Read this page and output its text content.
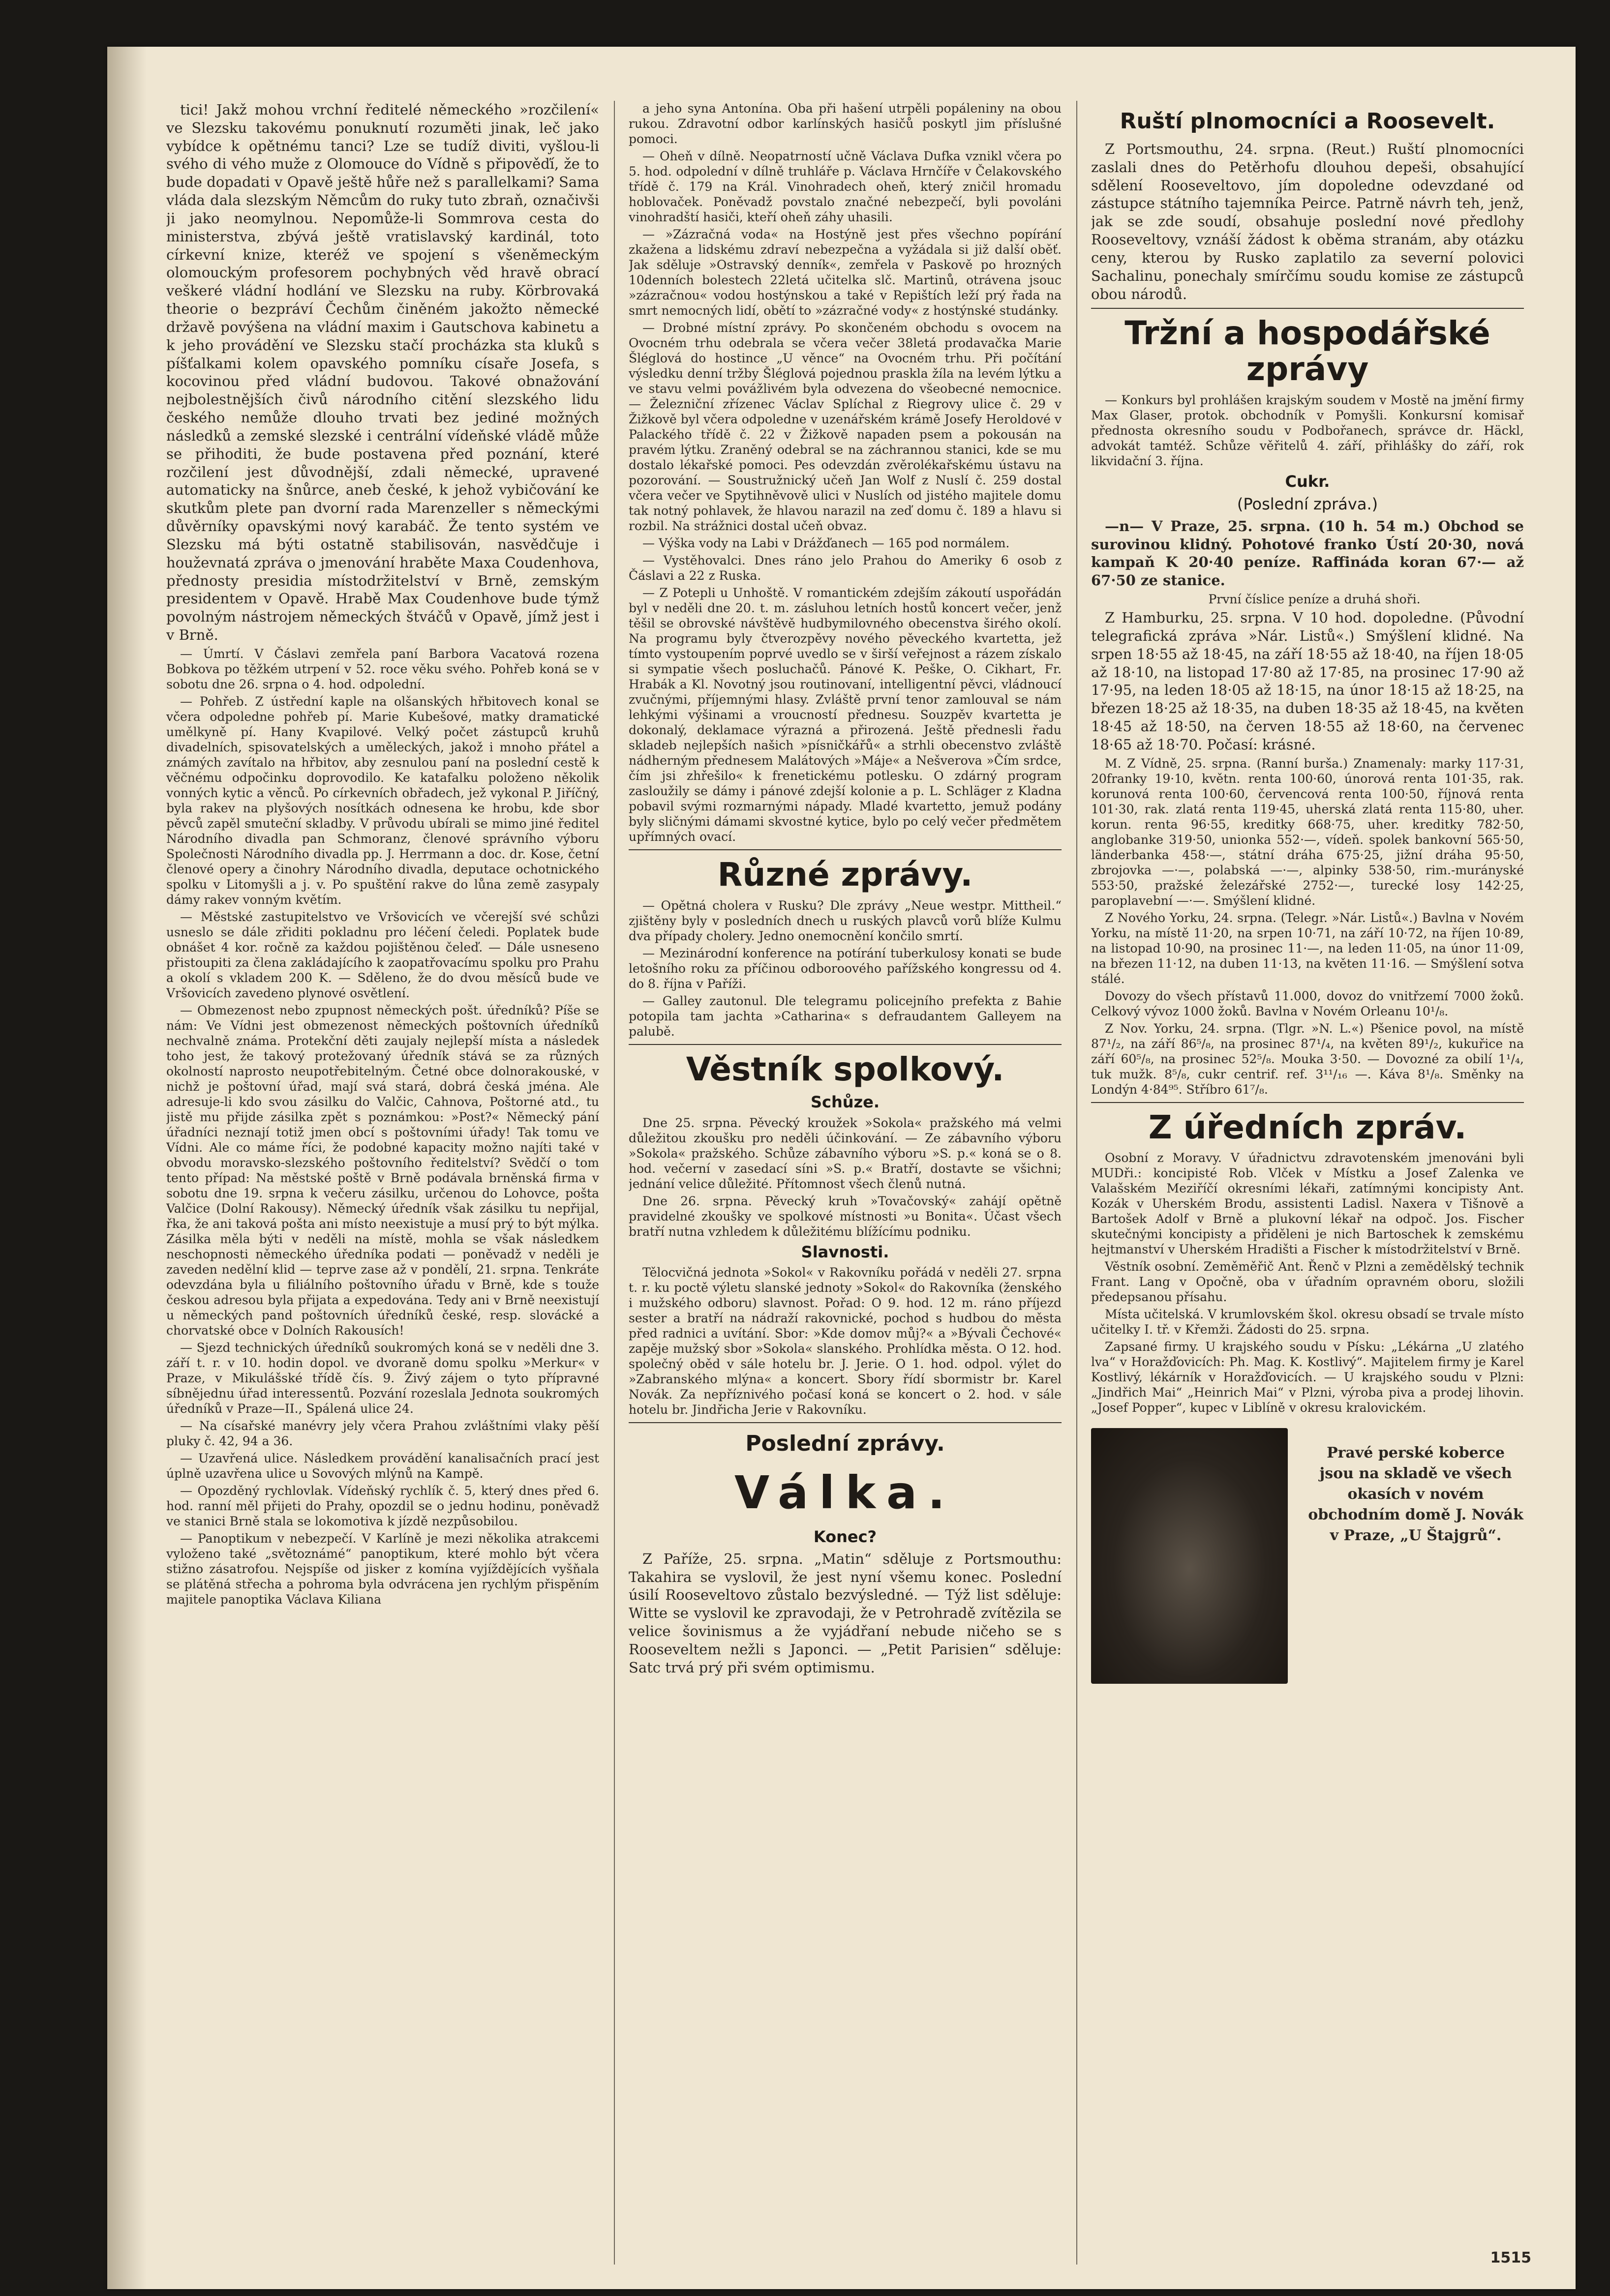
tici! Jakž mohou vrchní ředitelé německého »rozčilení« ve Slezsku takovému ponuknutí rozuměti jinak, leč jako vybídce k opětnému tanci? Lze se tudíž diviti, vyšlou-li svého di vého muže z Olomouce do Vídně s připověďí, že to bude dopadati v Opavě ještě hůře než s parallelkami? Sama vláda dala slezským Němcům do ruky tuto zbraň, označivši ji jako neomylnou. Nepomůže-li Sommrova cesta do ministerstva, zbývá ještě vratislavský kardinál, toto církevní knize, kteréž ve spojení s všeněmeckým olomouckým profesorem pochybných věd hravě obrací veškeré vládní hodlání ve Slezsku na ruby. Körbrovaká theorie o bezpráví Čechům činěném jakožto německé državě povýšena na vládní maxim i Gautschova kabinetu a k jeho provádění ve Slezsku stačí procházka sta kluků s píšťalkami kolem opavského pomníku císaře Josefa, s kocovinou před vládní budovou. Takové obnažování nejbolestnějších čivů národního citění slezského lidu českého nemůže dlouho trvati bez jediné možných následků a zemské slezské i centrální vídeňské vládě může se přihoditi, že bude postavena před poznání, které rozčilení jest důvodnější, zdali německé, upravené automaticky na šnůrce, aneb české, k jehož vybičování ke skutkům plete pan dvorní rada Marenzeller s německými důvěrníky opavskými nový karabáč. Že tento systém ve Slezsku má býti ostatně stabilisován, nasvědčuje i houževnatá zpráva o jmenování hraběte Maxa Coudenhova, přednosty presidia místodržitelství v Brně, zemským presidentem v Opavě. Hrabě Max Coudenhove bude týmž povolným nástrojem německých štváčů v Opavě, jímž jest i v Brně.

— Úmrtí. V Čáslavi zemřela paní Barbora Vacatová rozena Bobkova po těžkém utrpení v 52. roce věku svého. Pohřeb koná se v sobotu dne 26. srpna o 4. hod. odpolední.

— Pohřeb. Z ústřední kaple na olšanských hřbitovech konal se včera odpoledne pohřeb pí. Marie Kubešové, matky dramatické umělkyně pí. Hany Kvapilové. Velký počet zástupců kruhů divadelních, spisovatelských a uměleckých, jakož i mnoho přátel a známých zavítalo na hřbitov, aby zesnulou paní na poslední cestě k věčnému odpočinku doprovodilo. Ke katafalku položeno několik vonných kytic a věnců. Po církevních obřadech, jež vykonal P. Jiříčný, byla rakev na plyšových nosítkách odnesena ke hrobu, kde sbor pěvců zapěl smuteční skladby. V průvodu ubírali se mimo jiné ředitel Národního divadla pan Schmoranz, členové správního výboru Společnosti Národního divadla pp. J. Herrmann a doc. dr. Kose, četní členové opery a činohry Národního divadla, deputace ochotnického spolku v Litomyšli a j. v. Po spuštění rakve do lůna země zasypaly dámy rakev vonným květím.

— Městské zastupitelstvo ve Vršovicích ve včerejší své schůzi usneslo se dále zřiditi pokladnu pro léčení čeledi. Poplatek bude obnášet 4 kor. ročně za každou pojištěnou čeleď. — Dále usneseno přistoupiti za člena zakládajícího k zaopatřovacímu spolku pro Prahu a okolí s vkladem 200 K. — Sděleno, že do dvou měsíců bude ve Vršovicích zavedeno plynové osvětlení.

— Obmezenost nebo zpupnost německých pošt. úředníků? Píše se nám: Ve Vídni jest obmezenost německých poštovních úředníků nechvalně známa. Protekční děti zaujaly nejlepší místa a následek toho jest, že takový protežovaný úředník stává se za různých okolností naprosto neupotřebitelným. Četné obce dolnorakouské, v nichž je poštovní úřad, mají svá stará, dobrá česká jména. Ale adresuje-li kdo svou zásilku do Valčic, Cahnova, Poštorné atd., tu jistě mu přijde zásilka zpět s poznámkou: »Post?« Německý pání úřadníci neznají totiž jmen obcí s poštovními úřady! Tak tomu ve Vídni. Ale co máme říci, že podobné kapacity možno najíti také v obvodu moravsko-slezského poštovního ředitelství? Svědčí o tom tento případ: Na městské poště v Brně podávala brněnská firma v sobotu dne 19. srpna k večeru zásilku, určenou do Lohovce, pošta Valčice (Dolní Rakousy). Německý úředník však zásilku tu nepřijal, řka, že ani taková pošta ani místo neexistuje a musí prý to být mýlka. Zásilka měla býti v neděli na místě, mohla se však následkem neschopnosti německého úředníka podati — poněvadž v neděli je zaveden nedělní klid — teprve zase až v pondělí, 21. srpna. Tenkráte odevzdána byla u filiálního poštovního úřadu v Brně, kde s touže českou adresou byla přijata a expedována. Tedy ani v Brně neexistují u německých pand poštovních úředníků české, resp. slovácké a chorvatské obce v Dolních Rakousích!

— Sjezd technických úředníků soukromých koná se v neděli dne 3. září t. r. v 10. hodin dopol. ve dvoraně domu spolku »Merkur« v Praze, v Mikulášské třídě čís. 9. Živý zájem o tyto přípravné síbnějednu úřad interessentů. Pozvání rozeslala Jednota soukromých úředníků v Praze—II., Spálená ulice 24.

— Na císařské manévry jely včera Prahou zvláštními vlaky pěší pluky č. 42, 94 a 36.

— Uzavřená ulice. Následkem provádění kanalisačních prací jest úplně uzavřena ulice u Sovových mlýnů na Kampě.

— Opozděný rychlovlak. Vídeňský rychlík č. 5, který dnes před 6. hod. ranní měl přijeti do Prahy, opozdil se o jednu hodinu, poněvadž ve stanici Brně stala se lokomotiva k jízdě nezpůsobilou.

— Panoptikum v nebezpečí. V Karlíně je mezi několika atrakcemi vyloženo také „světoznámé“ panoptikum, které mohlo být včera stižno zásatrofou. Nejspíše od jisker z komína vyjíždějících vyšňala se plátěná střecha a pohroma byla odvrácena jen rychlým přispěním majitele panoptika Václava Kiliana

a jeho syna Antonína. Oba při hašení utrpěli popáleniny na obou rukou. Zdravotní odbor karlínských hasičů poskytl jim příslušné pomoci.

— Oheň v dílně. Neopatrností učně Václava Dufka vznikl včera po 5. hod. odpolední v dílně truhláře p. Václava Hrnčíře v Čelakovského třídě č. 179 na Král. Vinohradech oheň, který zničil hromadu hoblovaček. Poněvadž povstalo značné nebezpečí, byli povoláni vinohradští hasiči, kteří oheň záhy uhasili.

— »Zázračná voda« na Hostýně jest přes všechno popírání zkažena a lidskému zdraví nebezpečna a vyžádala si již další oběť. Jak sděluje »Ostravský denník«, zemřela v Paskově po hrozných 10denních bolestech 22letá učitelka slč. Martinů, otrávena jsouc »zázračnou« vodou hostýnskou a také v Repištích leží prý řada na smrt nemocných lidí, obětí to »zázračné vody« z hostýnské studánky.

— Drobné místní zprávy. Po skončeném obchodu s ovocem na Ovocném trhu odebrala se včera večer 38letá prodavačka Marie Šléglová do hostince „U věnce“ na Ovocném trhu. Při počítání výsledku denní tržby Šléglová pojednou praskla žíla na levém lýtku a ve stavu velmi povážlivém byla odvezena do všeobecné nemocnice. — Železniční zřízenec Václav Splíchal z Riegrovy ulice č. 29 v Žižkově byl včera odpoledne v uzenářském krámě Josefy Heroldové v Palackého třídě č. 22 v Žižkově napaden psem a pokousán na pravém lýtku. Zraněný odebral se na záchrannou stanici, kde se mu dostalo lékařské pomoci. Pes odevzdán zvěrolékařskému ústavu na pozorování. — Soustružnický učeň Jan Wolf z Nuslí č. 259 dostal včera večer ve Spytihněvově ulici v Nuslích od jistého majitele domu tak notný pohlavek, že hlavou narazil na zeď domu č. 189 a hlavu si rozbil. Na strážnici dostal učeň obvaz.

— Výška vody na Labi v Drážďanech — 165 pod normálem.

— Vystěhovalci. Dnes ráno jelo Prahou do Ameriky 6 osob z Čáslavi a 22 z Ruska.

— Z Potepli u Unhoště. V romantickém zdejším zákoutí uspořádán byl v neděli dne 20. t. m. zásluhou letních hostů koncert večer, jenž těšil se obrovské návštěvě hudbymilovného obecenstva širého okolí. Na programu byly čtverozpěvy nového pěveckého kvartetta, jež tímto vystoupením poprvé uvedlo se v širší veřejnost a rázem získalo si sympatie všech posluchačů. Pánové K. Peške, O. Cikhart, Fr. Hrabák a Kl. Novotný jsou routinovaní, intelligentní pěvci, vládnoucí zvučnými, příjemnými hlasy. Zvláště první tenor zamlouval se nám lehkými výšinami a vroucností přednesu. Souzpěv kvartetta je dokonalý, deklamace výrazná a přirozená. Ještě přednesli řadu skladeb nejlepších našich »písničkářů« a strhli obecenstvo zvláště nádherným přednesem Malátových »Máje« a Nešverova »Čím srdce, čím jsi zhřešilo« k frenetickému potlesku. O zdárný program zasloužily se dámy i pánové zdejší kolonie a p. L. Schläger z Kladna pobavil svými rozmarnými nápady. Mladé kvartetto, jemuž podány byly sličnými dámami skvostné kytice, bylo po celý večer předmětem upřímných ovací.

Různé zprávy.

— Opětná cholera v Rusku? Dle zprávy „Neue westpr. Mittheil.“ zjištěny byly v posledních dnech u ruských plavců vorů blíže Kulmu dva případy cholery. Jedno onemocnění končilo smrtí.

— Mezinárodní konference na potírání tuberkulosy konati se bude letošního roku za příčinou odboroového pařížského kongressu od 4. do 8. října v Paříži.

— Galley zautonul. Dle telegramu policejního prefekta z Bahie potopila tam jachta »Catharina« s defraudantem Galleyem na palubě.

Věstník spolkový.
Schůze.

Dne 25. srpna. Pěvecký kroužek »Sokola« pražského má velmi důležitou zkoušku pro neděli účinkování. — Ze zábavního výboru »Sokola« pražského. Schůze zábavního výboru »S. p.« koná se o 8. hod. večerní v zasedací síni »S. p.« Bratří, dostavte se všichni; jednání velice důležité. Přítomnost všech členů nutná.

Dne 26. srpna. Pěvecký kruh »Tovačovský« zahájí opětně pravidelné zkoušky ve spolkové místnosti »u Bonita«. Účast všech bratří nutna vzhledem k důležitému blížícímu podniku.

Slavnosti.

Tělocvičná jednota »Sokol« v Rakovníku pořádá v neděli 27. srpna t. r. ku poctě výletu slanské jednoty »Sokol« do Rakovníka (ženského i mužského odboru) slavnost. Pořad: O 9. hod. 12 m. ráno příjezd sester a bratří na nádraží rakovnické, pochod s hudbou do města před radnici a uvítání. Sbor: »Kde domov můj?« a »Bývali Čechové« zapěje mužský sbor »Sokola« slanského. Prohlídka města. O 12. hod. společný oběd v sále hotelu br. J. Jerie. O 1. hod. odpol. výlet do »Zabranského mlýna« a koncert. Sbory řídí sbormistr br. Karel Novák. Za nepříznivého počasí koná se koncert o 2. hod. v sále hotelu br. Jindřicha Jerie v Rakovníku.

Poslední zprávy.
Válka.
Konec?

Z Paříže, 25. srpna. „Matin“ sděluje z Portsmouthu: Takahira se vyslovil, že jest nyní všemu konec. Poslední úsilí Rooseveltovo zůstalo bezvýsledné. — Týž list sděluje: Witte se vyslovil ke zpravodaji, že v Petrohradě zvítězila se velice šovinismus a že vyjádřaní nebude ničeho se s Rooseveltem nežli s Japonci. — „Petit Parisien“ sděluje: Satc trvá prý při svém optimismu.

Ruští plnomocníci a Roosevelt.

Z Portsmouthu, 24. srpna. (Reut.) Ruští plnomocníci zaslali dnes do Petěrhofu dlouhou depeši, obsahující sdělení Rooseveltovo, jím dopoledne odevzdané od zástupce státního tajemníka Peirce. Patrně návrh teh, jenž, jak se zde soudí, obsahuje poslední nové předlohy Rooseveltovy, vznáší žádost k oběma stranám, aby otázku ceny, kterou by Rusko zaplatilo za severní polovici Sachalinu, ponechaly smírčímu soudu komise ze zástupců obou národů.

Tržní a hospodářské zprávy

— Konkurs byl prohlášen krajským soudem v Mostě na jmění firmy Max Glaser, protok. obchodník v Pomyšli. Konkursní komisař přednosta okresního soudu v Podbořanech, správce dr. Häckl, advokát tamtéž. Schůze věřitelů 4. září, přihlášky do září, rok likvidační 3. října.

Cukr.
(Poslední zpráva.)

—n— V Praze, 25. srpna. (10 h. 54 m.) Obchod se surovinou klidný. Pohotové franko Ústí 20·30, nová kampaň K 20·40 peníze. Raffináda koran 67·— až 67·50 ze stanice.

První číslice peníze a druhá shoři.

Z Hamburku, 25. srpna. V 10 hod. dopoledne. (Původní telegrafická zpráva »Nár. Listů«.) Smýšlení klidné. Na srpen 18·55 až 18·45, na září 18·55 až 18·40, na říjen 18·05 až 18·10, na listopad 17·80 až 17·85, na prosinec 17·90 až 17·95, na leden 18·05 až 18·15, na únor 18·15 až 18·25, na březen 18·25 až 18·35, na duben 18·35 až 18·45, na květen 18·45 až 18·50, na červen 18·55 až 18·60, na červenec 18·65 až 18·70. Počasí: krásné.

M. Z Vídně, 25. srpna. (Ranní burša.) Znamenaly: marky 117·31, 20franky 19·10, květn. renta 100·60, únorová renta 101·35, rak. korunová renta 100·60, červencová renta 100·50, říjnová renta 101·30, rak. zlatá renta 119·45, uherská zlatá renta 115·80, uher. korun. renta 96·55, kreditky 668·75, uher. kreditky 782·50, anglobanke 319·50, unionka 552·—, vídeň. spolek bankovní 565·50, länderbanka 458·—, státní dráha 675·25, jižní dráha 95·50, zbrojovka —·—, polabská —·—, alpinky 538·50, rim.-murányské 553·50, pražské železářské 2752·—, turecké losy 142·25, paroplavební —·—. Smýšlení klidné.

Z Nového Yorku, 24. srpna. (Telegr. »Nár. Listů«.) Bavlna v Novém Yorku, na místě 11·20, na srpen 10·71, na září 10·72, na říjen 10·89, na listopad 10·90, na prosinec 11·—, na leden 11·05, na únor 11·09, na březen 11·12, na duben 11·13, na květen 11·16. — Smýšlení sotva stálé.

Dovozy do všech přístavů 11.000, dovoz do vnitřzemí 7000 žoků. Celkový vývoz 1000 žoků. Bavlna v Novém Orleanu 10¹/₈.

Z Nov. Yorku, 24. srpna. (Tlgr. »N. L.«) Pšenice povol, na místě 87¹/₂, na září 86⁵/₈, na prosinec 87¹/₄, na květen 89¹/₂, kukuřice na září 60⁵/₈, na prosinec 52⁵/₈. Mouka 3·50. — Dovozné za obilí 1¹/₄, tuk mužk. 8⁵/₈, cukr centrif. ref. 3¹¹/₁₆ —. Káva 8¹/₈. Směnky na Londýn 4·84⁹⁵. Stříbro 61⁷/₈.

Z úředních zpráv.

Osobní z Moravy. V úřadnictvu zdravotenském jmenováni byli MUDři.: koncipisté Rob. Vlček v Místku a Josef Zalenka ve Valašském Meziříčí okresními lékaři, zatímnými koncipisty Ant. Kozák v Uherském Brodu, assistenti Ladisl. Naxera v Tišnově a Bartošek Adolf v Brně a plukovní lékař na odpoč. Jos. Fischer skutečnými koncipisty a přiděleni je nich Bartoschek k zemskému hejtmanství v Uherském Hradišti a Fischer k místodržitelství v Brně.

Věstník osobní. Zeměměřič Ant. Řenč v Plzni a zemědělský technik Frant. Lang v Opočně, oba v úřadním opravném oboru, složili předepsanou přísahu.

Místa učitelská. V krumlovském škol. okresu obsadí se trvale místo učitelky I. tř. v Křemži. Žádosti do 25. srpna.

Zapsané firmy. U krajského soudu v Písku: „Lékárna „U zlatého lva“ v Horažďovicích: Ph. Mag. K. Kostlivý“. Majitelem firmy je Karel Kostlivý, lékárník v Horažďovicích. — U krajského soudu v Plzni: „Jindřich Mai“ „Heinrich Mai“ v Plzni, výroba piva a prodej lihovin. „Josef Popper“, kupec v Liblíně v okresu kralovickém.

Pravé perské koberce jsou na skladě ve všech okasích v novém obchodním domě J. Novák v Praze, „U Štajgrů“.
1515
